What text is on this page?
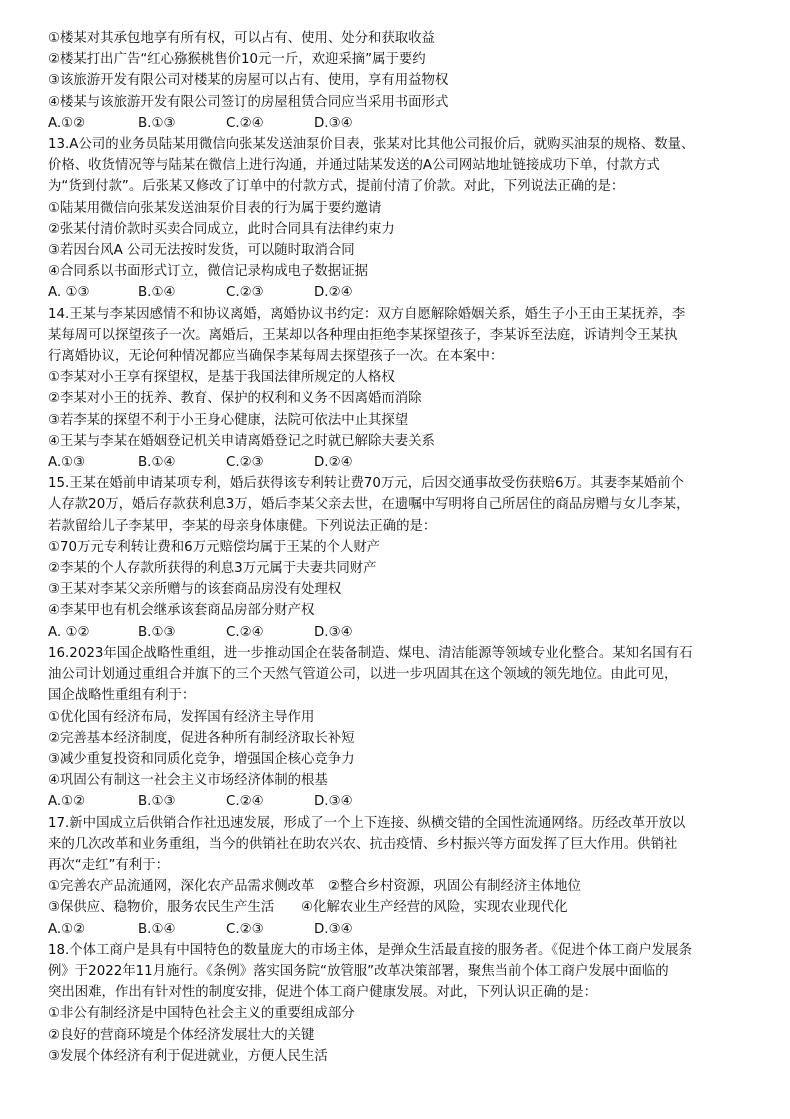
①楼某对其承包地享有所有权，可以占有、使用、处分和获取收益
②楼某打出广告“红心猕猴桃售价10元一斤，欢迎采摘”属于要约
③该旅游开发有限公司对楼某的房屋可以占有、使用，享有用益物权
④楼某与该旅游开发有限公司签订的房屋租赁合同应当采用书面形式
A.①②	B.①③	C.②④	D.③④
13.A公司的业务员陆某用微信向张某发送油泵价目表，张某对比其他公司报价后，就购买油泵的规格、数量、
价格、收货情况等与陆某在微信上进行沟通，并通过陆某发送的A公司网站地址链接成功下单，付款方式
为“货到付款”。后张某又修改了订单中的付款方式，提前付清了价款。对此，下列说法正确的是：
①陆某用微信向张某发送油泵价目表的行为属于要约邀请
②张某付清价款时买卖合同成立，此时合同具有法律约束力
③若因台风A 公司无法按时发货，可以随时取消合同
④合同系以书面形式订立，微信记录构成电子数据证据
A. ①③	B.①④	C.②③	D.②④
14.王某与李某因感情不和协议离婚，离婚协议书约定：双方自愿解除婚姻关系，婚生子小王由王某抚养，李
某每周可以探望孩子一次。离婚后，王某却以各种理由拒绝李某探望孩子，李某诉至法庭，诉请判令王某执
行离婚协议，无论何种情况都应当确保李某每周去探望孩子一次。在本案中：
①李某对小王享有探望权，是基于我国法律所规定的人格权
②李某对小王的抚养、教育、保护的权利和义务不因离婚而消除
③若李某的探望不利于小王身心健康，法院可依法中止其探望
④王某与李某在婚姻登记机关申请离婚登记之时就已解除夫妻关系
A.①③	B.①④	C.②③	D.②④
15.王某在婚前申请某项专利，婚后获得该专利转让费70万元，后因交通事故受伤获赔6万。其妻李某婚前个
人存款20万，婚后存款获利息3万，婚后李某父亲去世，在遗嘱中写明将自己所居住的商品房赠与女儿李某，
若款留给儿子李某甲，李某的母亲身体康健。下列说法正确的是：
①70万元专利转让费和6万元赔偿均属于王某的个人财产
②李某的个人存款所获得的利息3万元属于夫妻共同财产
③王某对李某父亲所赠与的该套商品房没有处理权
④李某甲也有机会继承该套商品房部分财产权
A. ①②	B.①③	C.②④	D.③④
16.2023年国企战略性重组，进一步推动国企在装备制造、煤电、清洁能源等领域专业化整合。某知名国有石
油公司计划通过重组合并旗下的三个天然气管道公司，以进一步巩固其在这个领域的领先地位。由此可见，
国企战略性重组有利于：
①优化国有经济布局，发挥国有经济主导作用
②完善基本经济制度，促进各种所有制经济取长补短
③减少重复投资和同质化竞争，增强国企核心竞争力
④巩固公有制这一社会主义市场经济体制的根基
A.①②	B.①③	C.②④	D.③④
17.新中国成立后供销合作社迅速发展，形成了一个上下连接、纵横交错的全国性流通网络。历经改革开放以
来的几次改革和业务重组，当今的供销社在助农兴农、抗击疫情、乡村振兴等方面发挥了巨大作用。供销社
再次“走红”有利于：
①完善农产品流通网，深化农产品需求侧改革　②整合乡村资源，巩固公有制经济主体地位
③保供应、稳物价，服务农民生产生活　　④化解农业生产经营的风险，实现农业现代化
A.①②	B.①④	C.②③	D.③④
18.个体工商户是具有中国特色的数量庞大的市场主体，是弹众生活最直接的服务者。《促进个体工商户发展条
例》于2022年11月施行。《条例》落实国务院“放管服”改革决策部署，聚焦当前个体工商户发展中面临的
突出困难，作出有针对性的制度安排，促进个体工商户健康发展。对此，下列认识正确的是：
①非公有制经济是中国特色社会主义的重要组成部分
②良好的营商环境是个体经济发展壮大的关键
③发展个体经济有利于促进就业，方便人民生活
